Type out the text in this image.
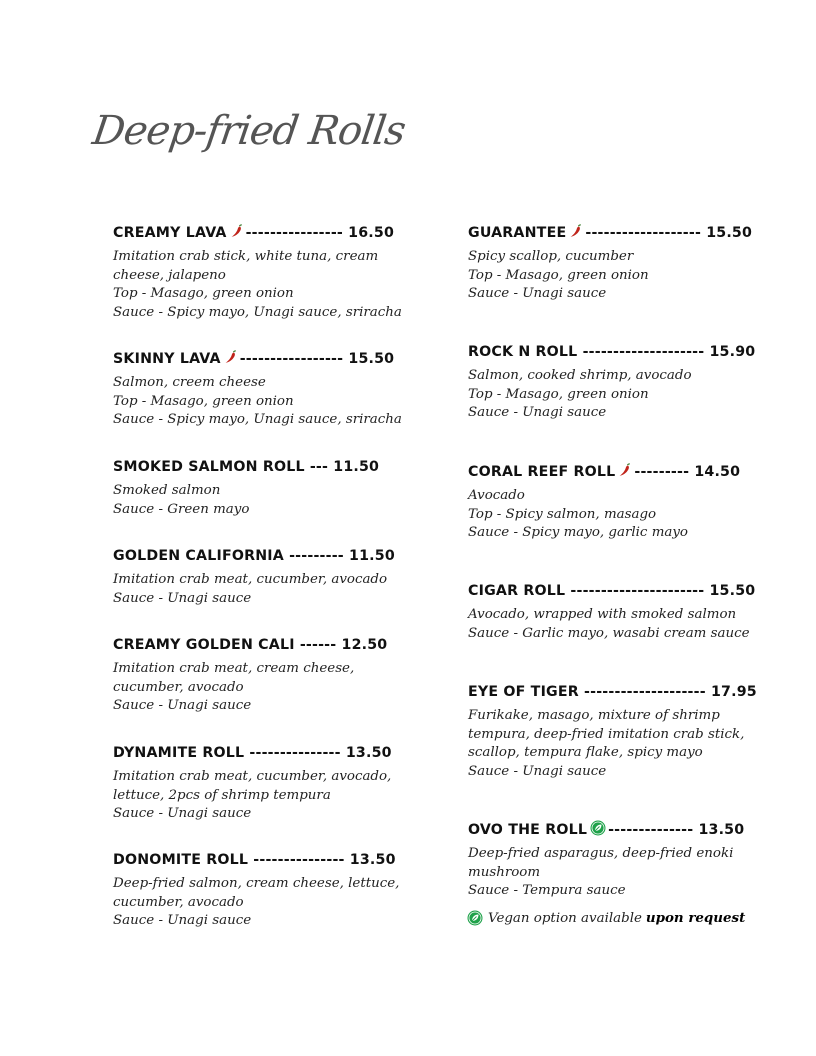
Deep-fried Rolls
CREAMY LAVA ----------------
16.50
Imitation crab stick, white tuna, cream
cheese, jalapeno
Top - Masago, green onion
Sauce - Spicy mayo, Unagi sauce, sriracha
SKINNY LAVA -----------------
15.50
Salmon, creem cheese
Top - Masago, green onion
Sauce - Spicy mayo, Unagi sauce, sriracha
SMOKED SALMON ROLL
---
11.50
Smoked salmon
Sauce - Green mayo
GOLDEN CALIFORNIA
---------
11.50
Imitation crab meat, cucumber, avocado
Sauce - Unagi sauce
CREAMY GOLDEN CALI
------
12.50
Imitation crab meat, cream cheese,
cucumber, avocado
Sauce - Unagi sauce
DYNAMITE ROLL
---------------
13.50
Imitation crab meat, cucumber, avocado,
lettuce, 2pcs of shrimp tempura
Sauce - Unagi sauce
DONOMITE ROLL
---------------
13.50
Deep-fried salmon, cream cheese, lettuce,
cucumber, avocado
Sauce - Unagi sauce
GUARANTEE -------------------
15.50
Spicy scallop, cucumber
Top - Masago, green onion
Sauce - Unagi sauce
ROCK N ROLL
--------------------
15.90
Salmon, cooked shrimp, avocado
Top - Masago, green onion
Sauce - Unagi sauce
CORAL REEF ROLL ---------
14.50
Avocado
Top - Spicy salmon, masago
Sauce - Spicy mayo, garlic mayo
CIGAR ROLL
----------------------
15.50
Avocado, wrapped with smoked salmon
Sauce - Garlic mayo, wasabi cream sauce
EYE OF TIGER
--------------------
17.95
Furikake, masago, mixture of shrimp
tempura, deep-fried imitation crab stick,
scallop, tempura flake, spicy mayo
Sauce - Unagi sauce
OVO THE ROLL --------------
13.50
Deep-fried asparagus, deep-fried enoki
mushroom
Sauce - Tempura sauce
Vegan option available upon request
